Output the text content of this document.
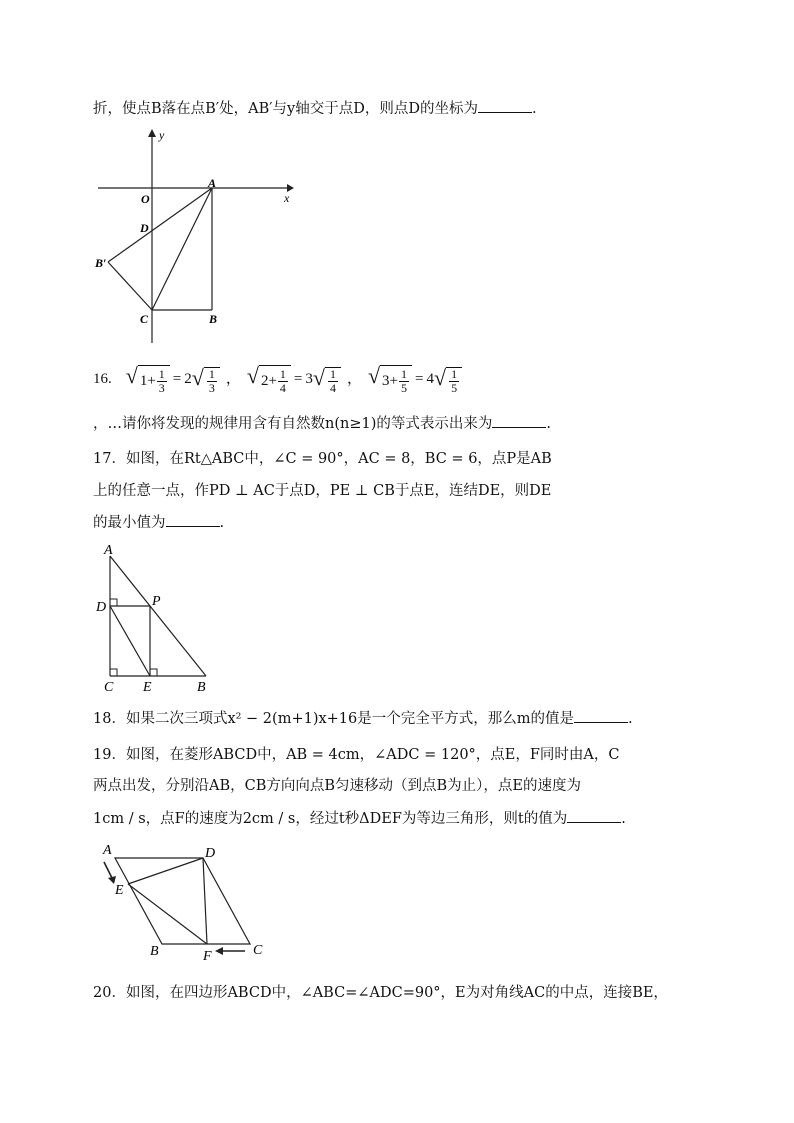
折，使点B落在点B′处，AB′与y轴交于点D，则点D的坐标为	.
y
x
O
A
D
B′
C	B
16. √ $1 + \frac{1}{3} = 2$ √ $\frac{1}{3}$ ， √ $2 + \frac{1}{4} = 3$ √ $\frac{1}{4}$ ， √ $3 + \frac{1}{5} = 4$ √ $\frac{1}{5}$
，…请你将发现的规律用含有自然数n(n≥1)的等式表示出来为	.
17．如图，在Rt△ABC中，∠C = 90°，AC = 8，BC = 6，点P是AB
上的任意一点，作PD ⊥ AC于点D，PE ⊥ CB于点E，连结DE，则DE
的最小值为	.
A
D	P
C E	B
18．如果二次三项式x² − 2(m+1)x+16是一个完全平方式，那么m的值是	.
19．如图，在菱形ABCD中，AB = 4cm，∠ADC = 120°，点E，F同时由A，C
两点出发，分别沿AB，CB方向向点B匀速移动（到点B为止），点E的速度为
1cm / s，点F的速度为2cm / s，经过t秒ΔDEF为等边三角形，则t的值为	.
A	D
E
B	F	C
20．如图，在四边形ABCD中，∠ABC=∠ADC=90°，E为对角线AC的中点，连接BE，
